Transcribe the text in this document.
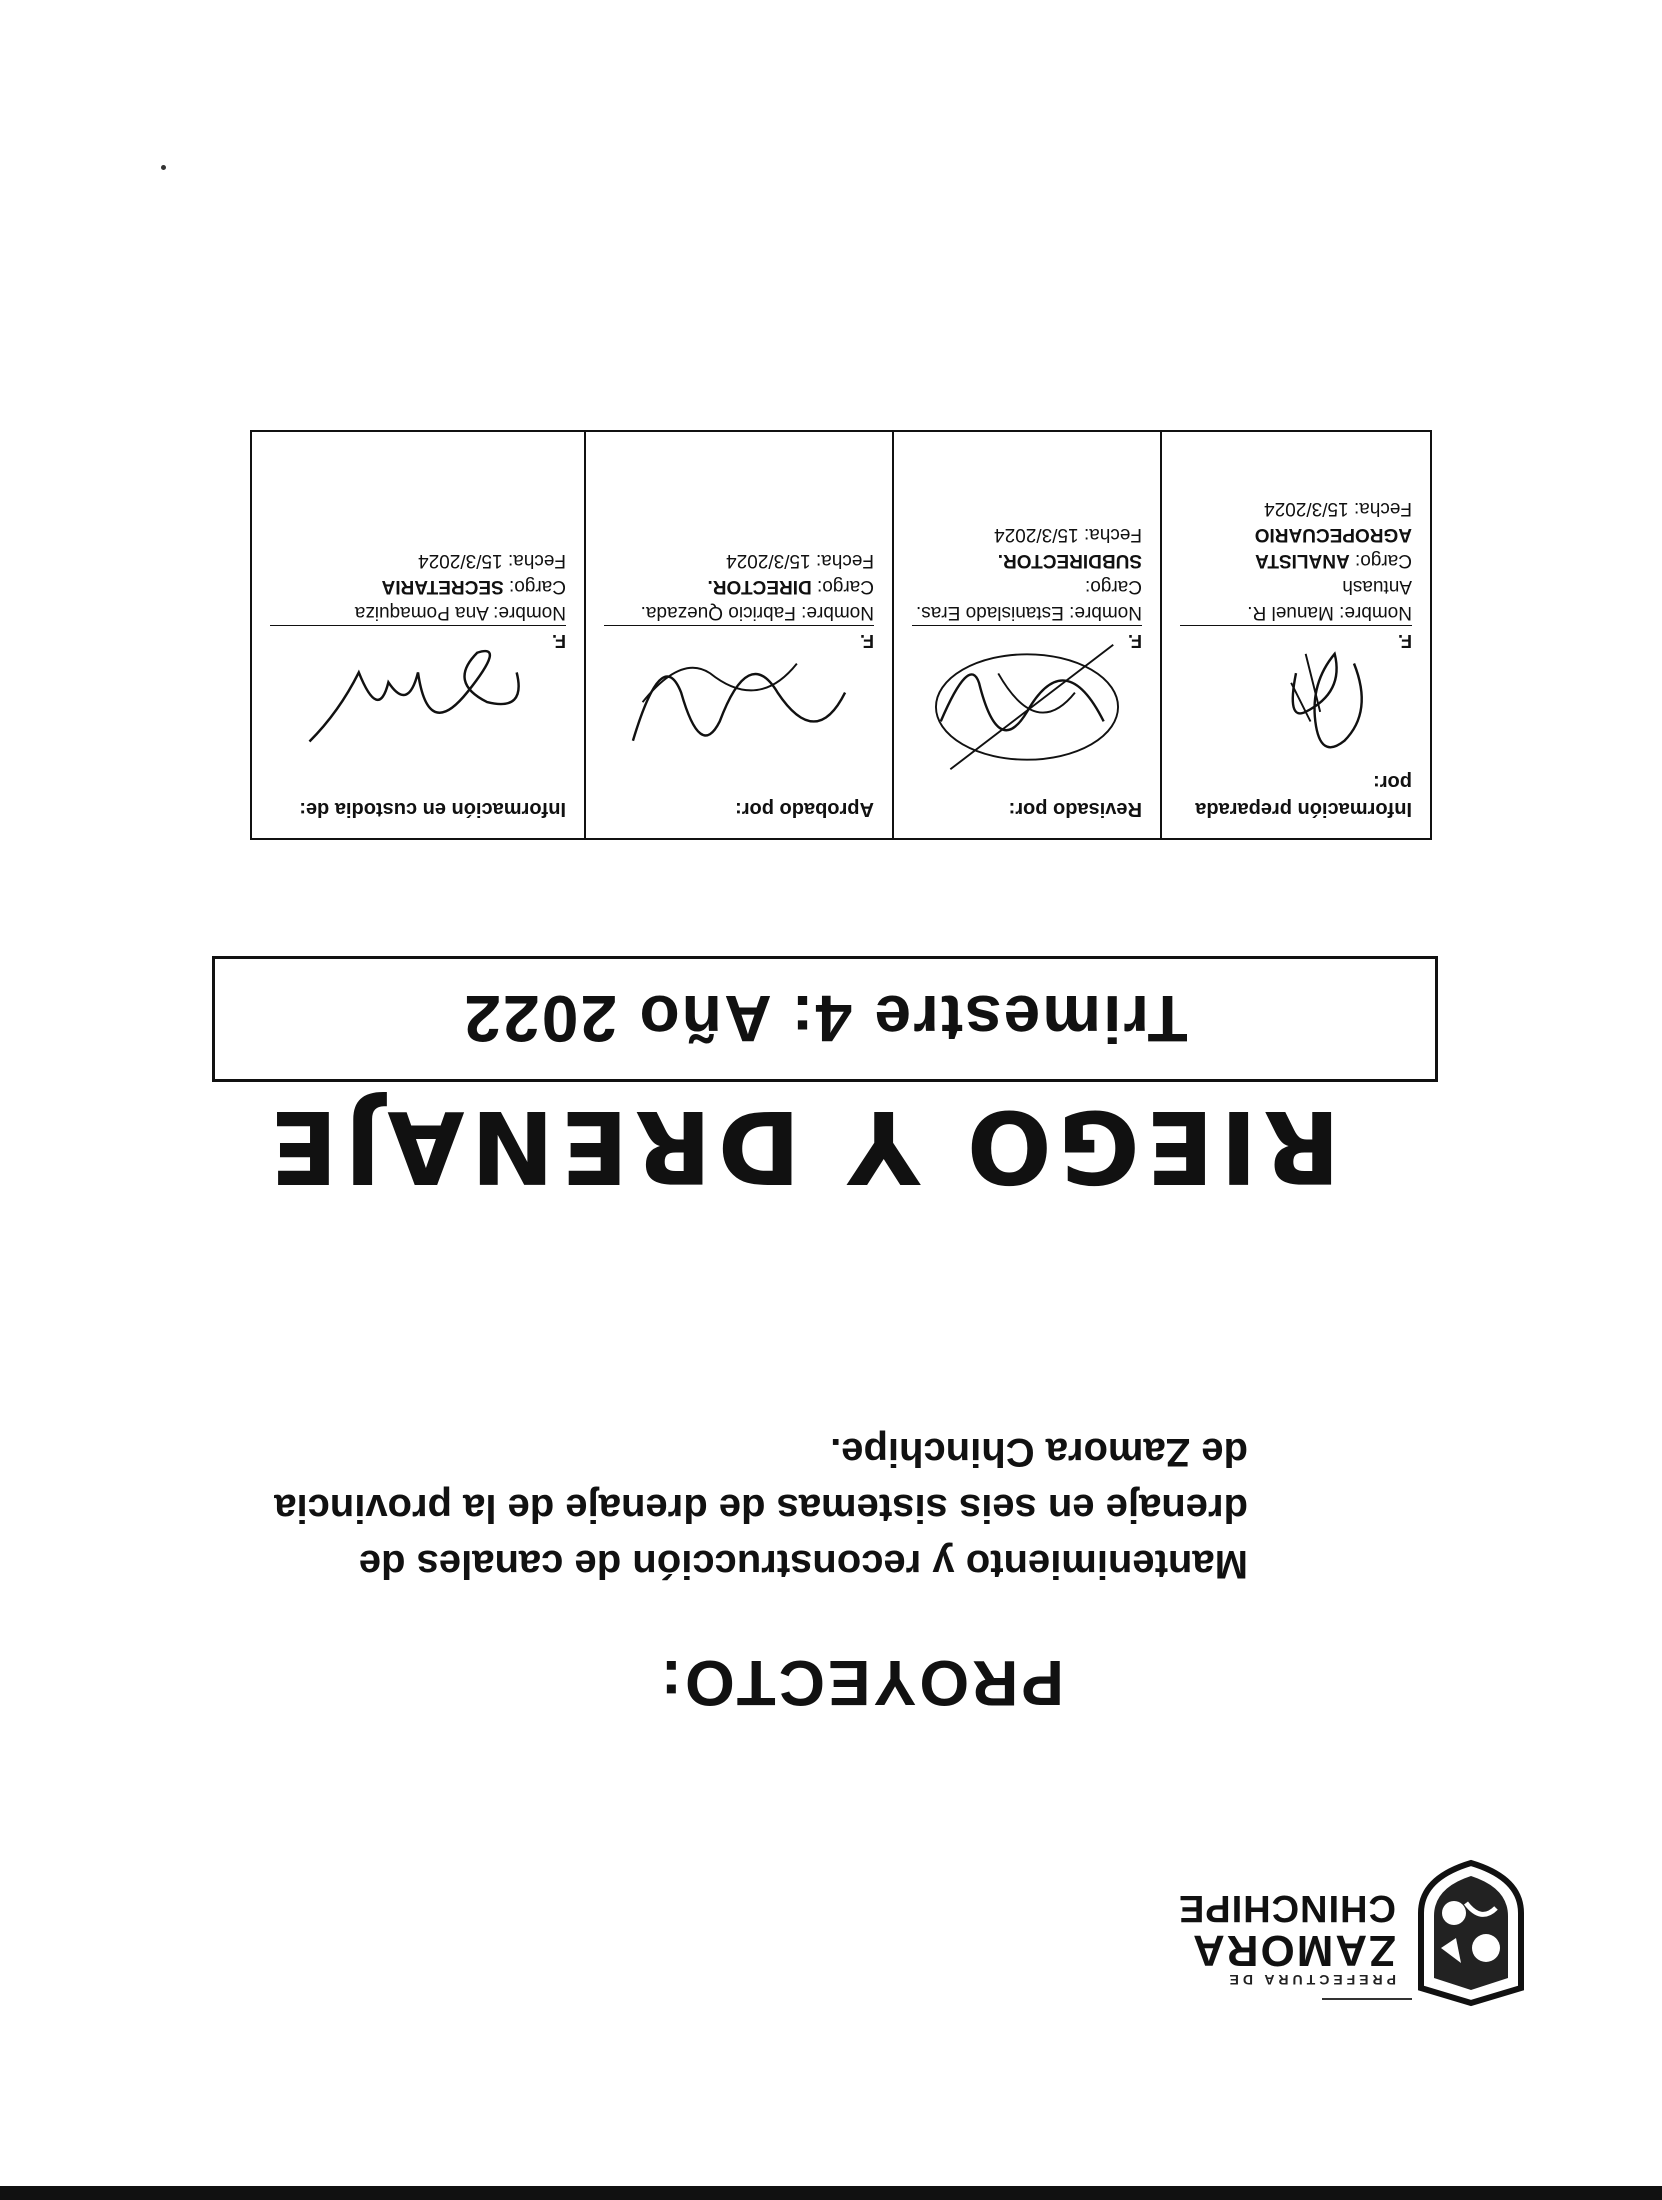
PREFECTURA DE
ZAMORA
CHINCHIPE
PROYECTO:
Mantenimiento y reconstrucción de canales de drenaje en seis sistemas de drenaje de la provincia de Zamora Chinchipe.
RIEGO Y DRENAJE
Trimestre 4: Año 2022
Información preparada por:
F.
Nombre: Manuel R. Antuash
Cargo: ANALISTA AGROPECUARIO
Fecha: 15/3/2024
Revisado por:
F.
Nombre: Estanislado Eras.
Cargo:
SUBDIRECTOR.
Fecha: 15/3/2024
Aprobado por:
F.
Nombre: Fabricio Quezada.
Cargo: DIRECTOR.
Fecha: 15/3/2024
Información en custodia de:
F.
Nombre: Ana Pomaquiza
Cargo: SECRETARIA
Fecha: 15/3/2024
